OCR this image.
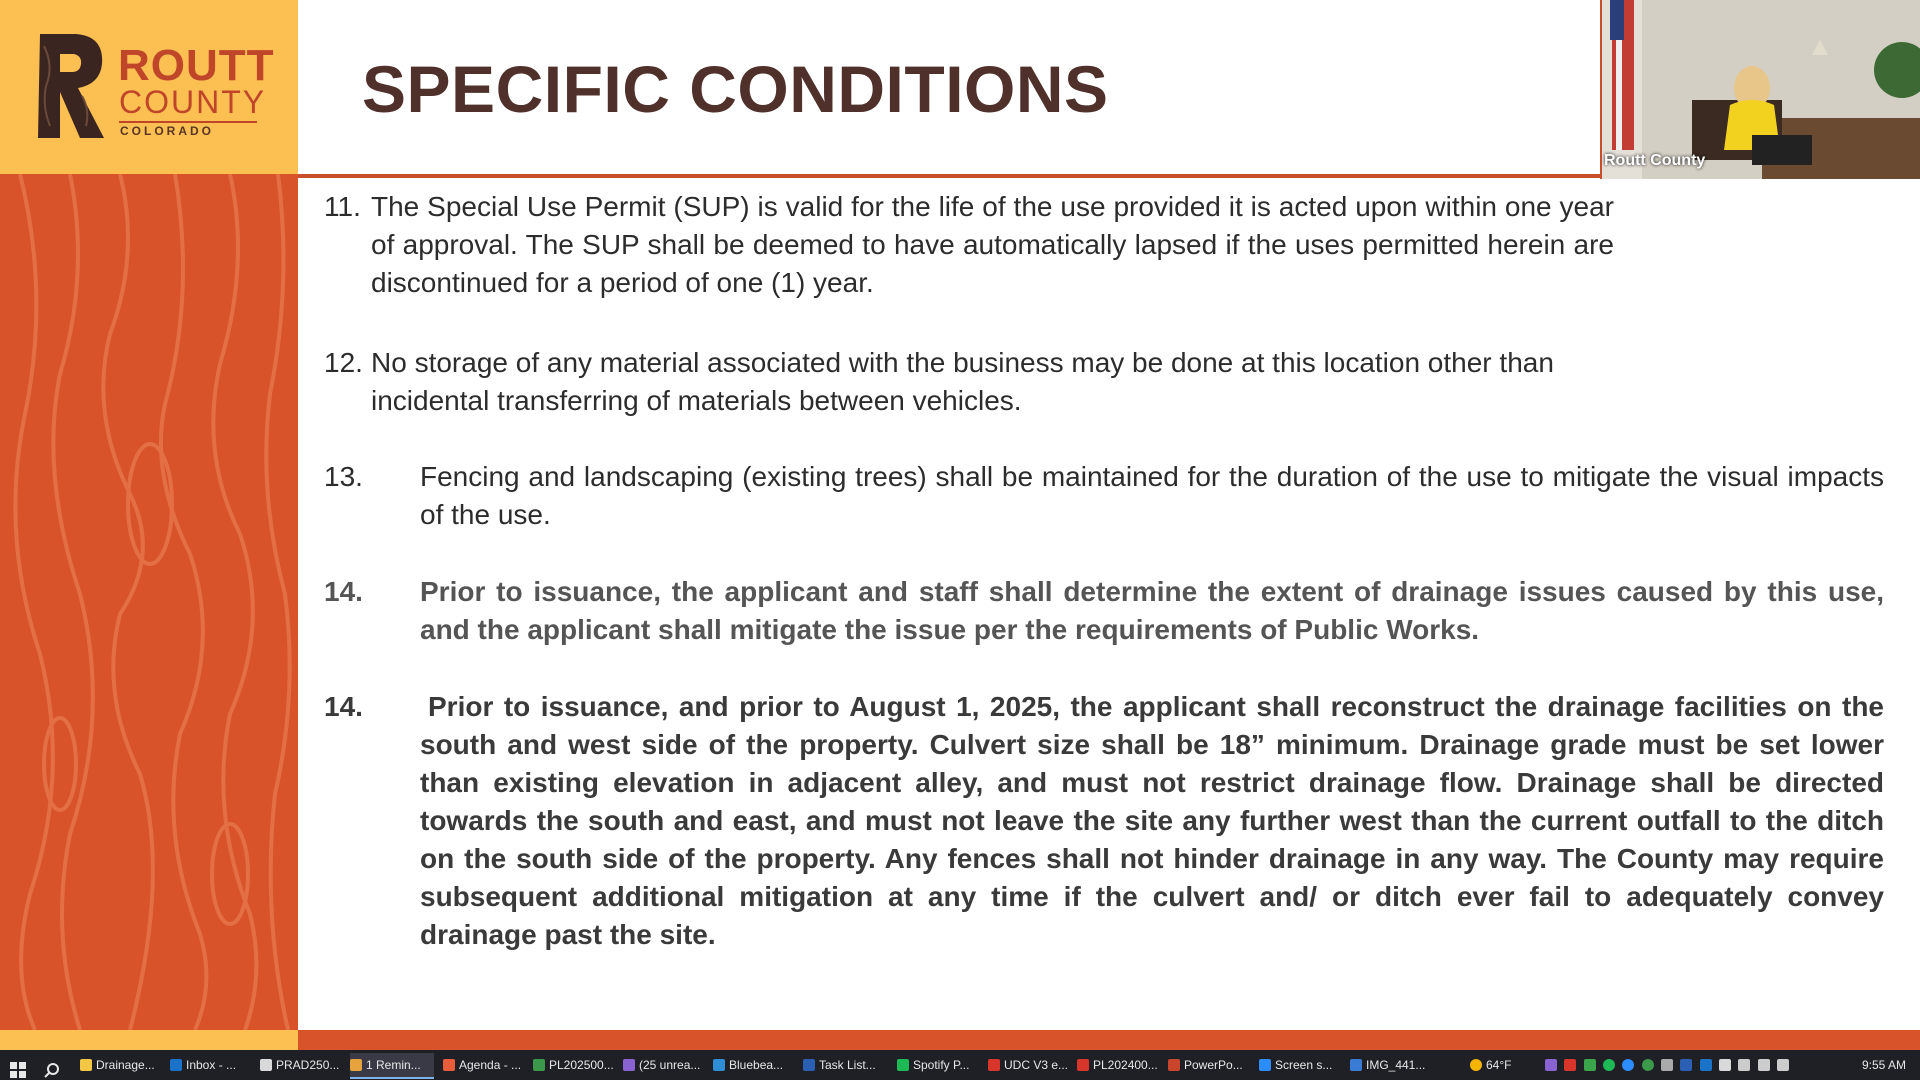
ROUTT
COUNTY
COLORADO
SPECIFIC CONDITIONS
Routt County
11. The Special Use Permit (SUP) is valid for the life of the use provided it is acted upon within one year of approval. The SUP shall be deemed to have automatically lapsed if the uses permitted herein are discontinued for a period of one (1) year.
12. No storage of any material associated with the business may be done at this location other than incidental transferring of materials between vehicles.
13. Fencing and landscaping (existing trees) shall be maintained for the duration of the use to mitigate the visual impacts of the use.
14. Prior to issuance, the applicant and staff shall determine the extent of drainage issues caused by this use, and the applicant shall mitigate the issue per the requirements of Public Works.
14. Prior to issuance, and prior to August 1, 2025, the applicant shall reconstruct the drainage facilities on the south and west side of the property. Culvert size shall be 18” minimum. Drainage grade must be set lower than existing elevation in adjacent alley, and must not restrict drainage flow. Drainage shall be directed towards the south and east, and must not leave the site any further west than the current outfall to the ditch on the south side of the property. Any fences shall not hinder drainage in any way. The County may require subsequent additional mitigation at any time if the culvert and/ or ditch ever fail to adequately convey drainage past the site.
Drainage...	Inbox - ...	PRAD250...	1 Remin...	Agenda - ...	PL202500...	(25 unrea...	Bluebea...	Task List...	Spotify P...	UDC V3 e...	PL202400...	PowerPo...	Screen s...	IMG_441...	64°F
	9:55 AM
